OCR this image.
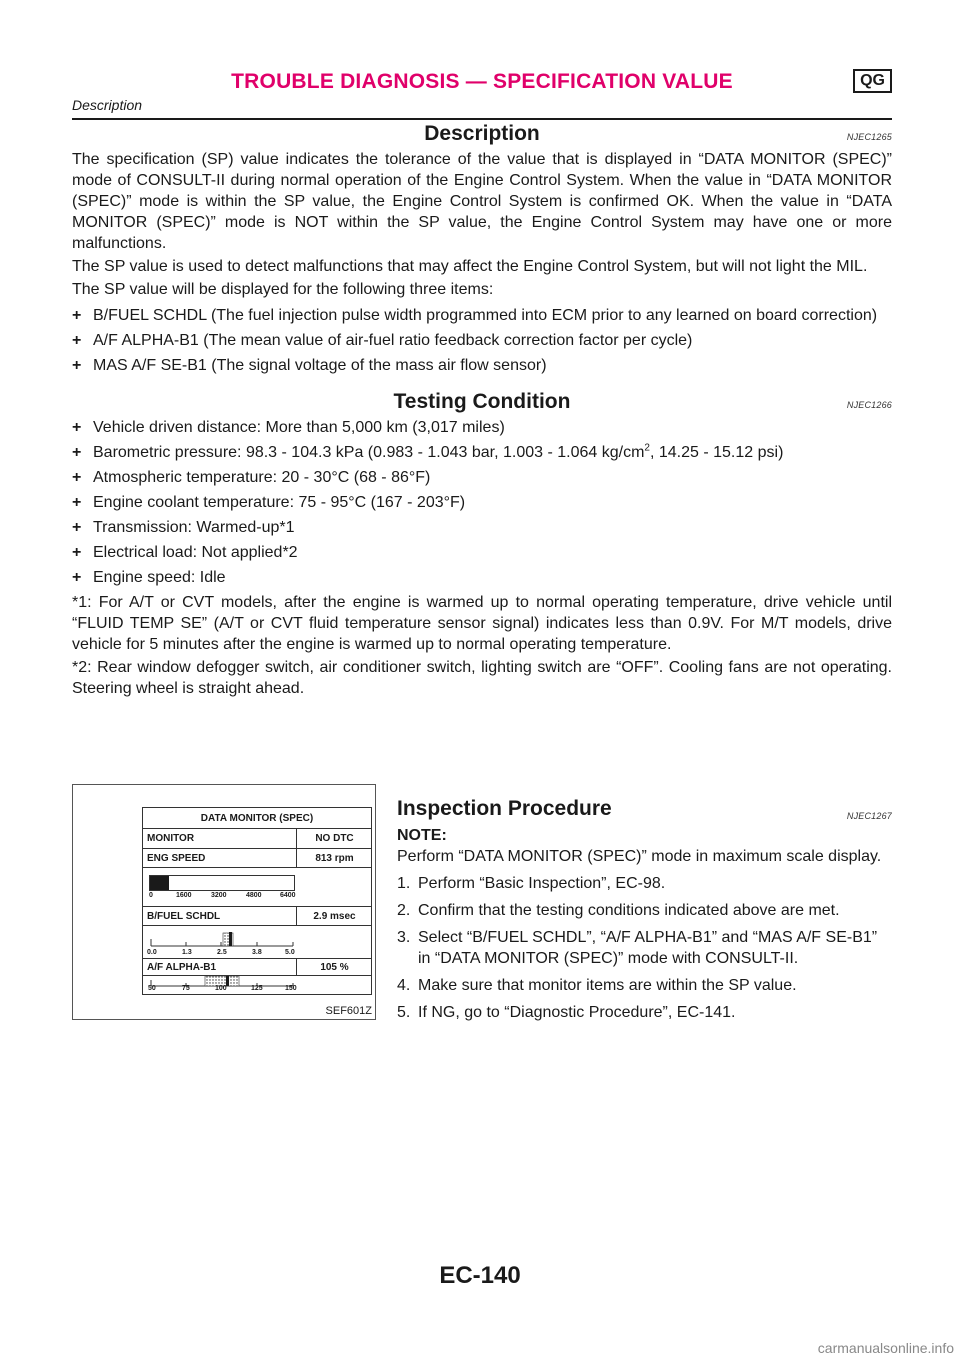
TROUBLE DIAGNOSIS — SPECIFICATION VALUE	QG
Description
Description	NJEC1265

The specification (SP) value indicates the tolerance of the value that is displayed in “DATA MONITOR (SPEC)” mode of CONSULT-II during normal operation of the Engine Control System. When the value in “DATA MONITOR (SPEC)” mode is within the SP value, the Engine Control System is confirmed OK. When the value in “DATA MONITOR (SPEC)” mode is NOT within the SP value, the Engine Control System may have one or more malfunctions.

The SP value is used to detect malfunctions that may affect the Engine Control System, but will not light the MIL.

The SP value will be displayed for the following three items:

+ B/FUEL SCHDL (The fuel injection pulse width programmed into ECM prior to any learned on board correction)
+ A/F ALPHA-B1 (The mean value of air-fuel ratio feedback correction factor per cycle)
+ MAS A/F SE-B1 (The signal voltage of the mass air flow sensor)
Testing Condition	NJEC1266
+ Vehicle driven distance: More than 5,000 km (3,017 miles)
+ Barometric pressure: 98.3 - 104.3 kPa (0.983 - 1.043 bar, 1.003 - 1.064 $kg/cm^2$, 14.25 - 15.12 psi)
+ Atmospheric temperature: 20 - 30°C (68 - 86°F)
+ Engine coolant temperature: 75 - 95°C (167 - 203°F)
+ Transmission: Warmed-up*1
+ Electrical load: Not applied*2
+ Engine speed: Idle

*1: For A/T or CVT models, after the engine is warmed up to normal operating temperature, drive vehicle until “FLUID TEMP SE” (A/T or CVT fluid temperature sensor signal) indicates less than 0.9V. For M/T models, drive vehicle for 5 minutes after the engine is warmed up to normal operating temperature.

*2: Rear window defogger switch, air conditioner switch, lighting switch are “OFF”. Cooling fans are not operating. Steering wheel is straight ahead.

DATA MONITOR (SPEC)
MONITOR	NO DTC
ENG SPEED	813 rpm
0	1600	3200	4800	6400
B/FUEL SCHDL	2.9 msec
0.0	1.3	2.5	3.8	5.0
A/F ALPHA-B1	105 %
50	75	100	125	150
SEF601Z
Inspection Procedure	NJEC1267
NOTE:

Perform “DATA MONITOR (SPEC)” mode in maximum scale display.

1. Perform “Basic Inspection”, EC-98.
2. Confirm that the testing conditions indicated above are met.
3. Select “B/FUEL SCHDL”, “A/F ALPHA-B1” and “MAS A/F SE-B1” in “DATA MONITOR (SPEC)” mode with CONSULT-II.
4. Make sure that monitor items are within the SP value.
5. If NG, go to “Diagnostic Procedure”, EC-141.
EC-140
carmanualsonline.info
